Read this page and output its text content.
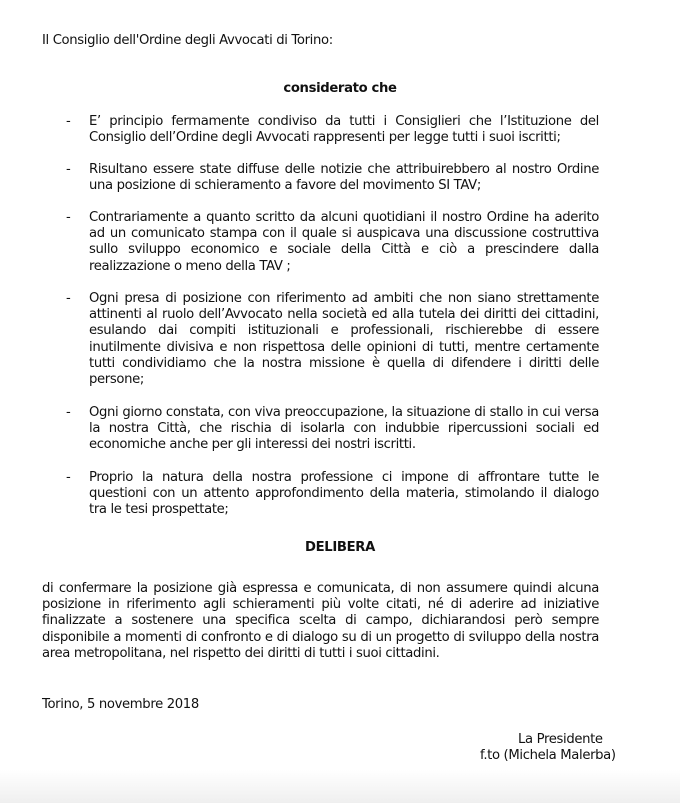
Il Consiglio dell'Ordine degli Avvocati di Torino:
considerato che
- E’ principio fermamente condiviso da tutti i Consiglieri che l’Istituzione del Consiglio dell’Ordine degli Avvocati rappresenti per legge tutti i suoi iscritti;

- Risultano essere state diffuse delle notizie che attribuirebbero al nostro Ordine una posizione di schieramento a favore del movimento SI TAV;

- Contrariamente a quanto scritto da alcuni quotidiani il nostro Ordine ha aderito ad un comunicato stampa con il quale si auspicava una discussione costruttiva sullo sviluppo economico e sociale della Città e ciò a prescindere dalla realizzazione o meno della TAV ;

- Ogni presa di posizione con riferimento ad ambiti che non siano strettamente attinenti al ruolo dell’Avvocato nella società ed alla tutela dei diritti dei cittadini, esulando dai compiti istituzionali e professionali, rischierebbe di essere inutilmente divisiva e non rispettosa delle opinioni di tutti, mentre certamente tutti condividiamo che la nostra missione è quella di difendere i diritti delle persone;

- Ogni giorno constata, con viva preoccupazione, la situazione di stallo in cui versa la nostra Città, che rischia di isolarla con indubbie ripercussioni sociali ed economiche anche per gli interessi dei nostri iscritti.

- Proprio la natura della nostra professione ci impone di affrontare tutte le questioni con un attento approfondimento della materia, stimolando il dialogo tra le tesi prospettate;

DELIBERA

di confermare la posizione già espressa e comunicata, di non assumere quindi alcuna posizione in riferimento agli schieramenti più volte citati, né di aderire ad iniziative finalizzate a sostenere una specifica scelta di campo, dichiarandosi però sempre disponibile a momenti di confronto e di dialogo su di un progetto di sviluppo della nostra area metropolitana, nel rispetto dei diritti di tutti i suoi cittadini.

Torino, 5 novembre 2018
La Presidente
f.to (Michela Malerba)
